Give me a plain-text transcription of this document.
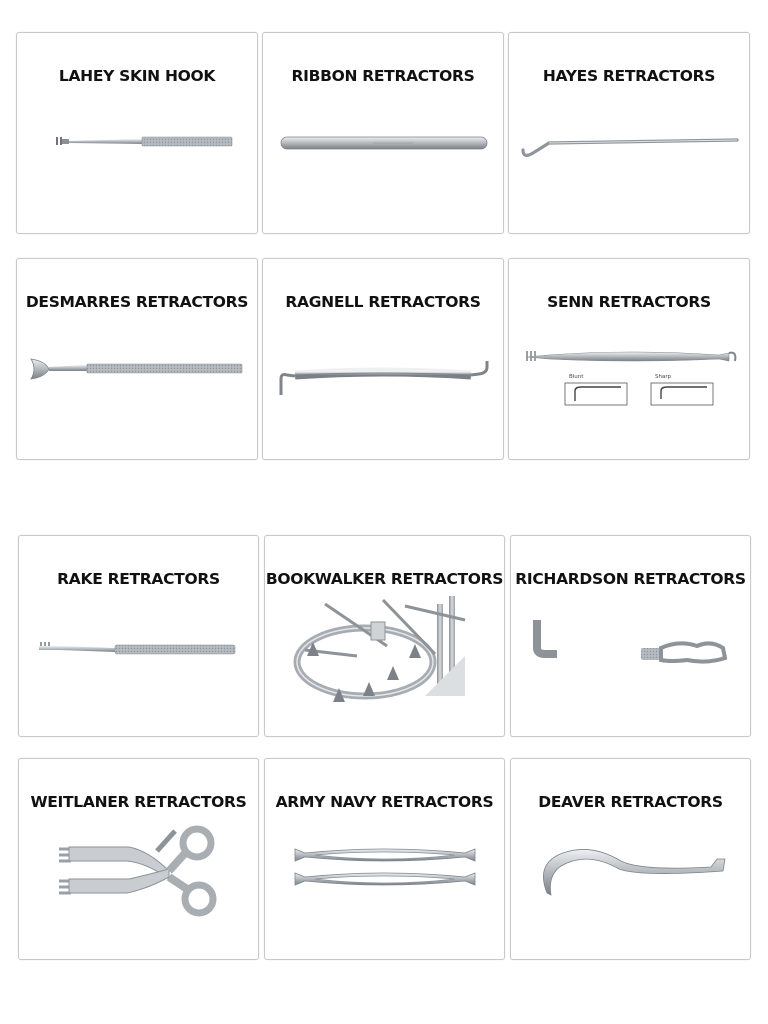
LAHEY SKIN HOOK	RIBBON RETRACTORS	HAYES RETRACTORS
DESMARRES RETRACTORS	RAGNELL RETRACTORS	SENN RETRACTORS
Blunt	Sharp
RAKE RETRACTORS	BOOKWALKER RETRACTORS RICHARDSON RETRACTORS
WEITLANER RETRACTORS	ARMY NAVY RETRACTORS	DEAVER RETRACTORS
